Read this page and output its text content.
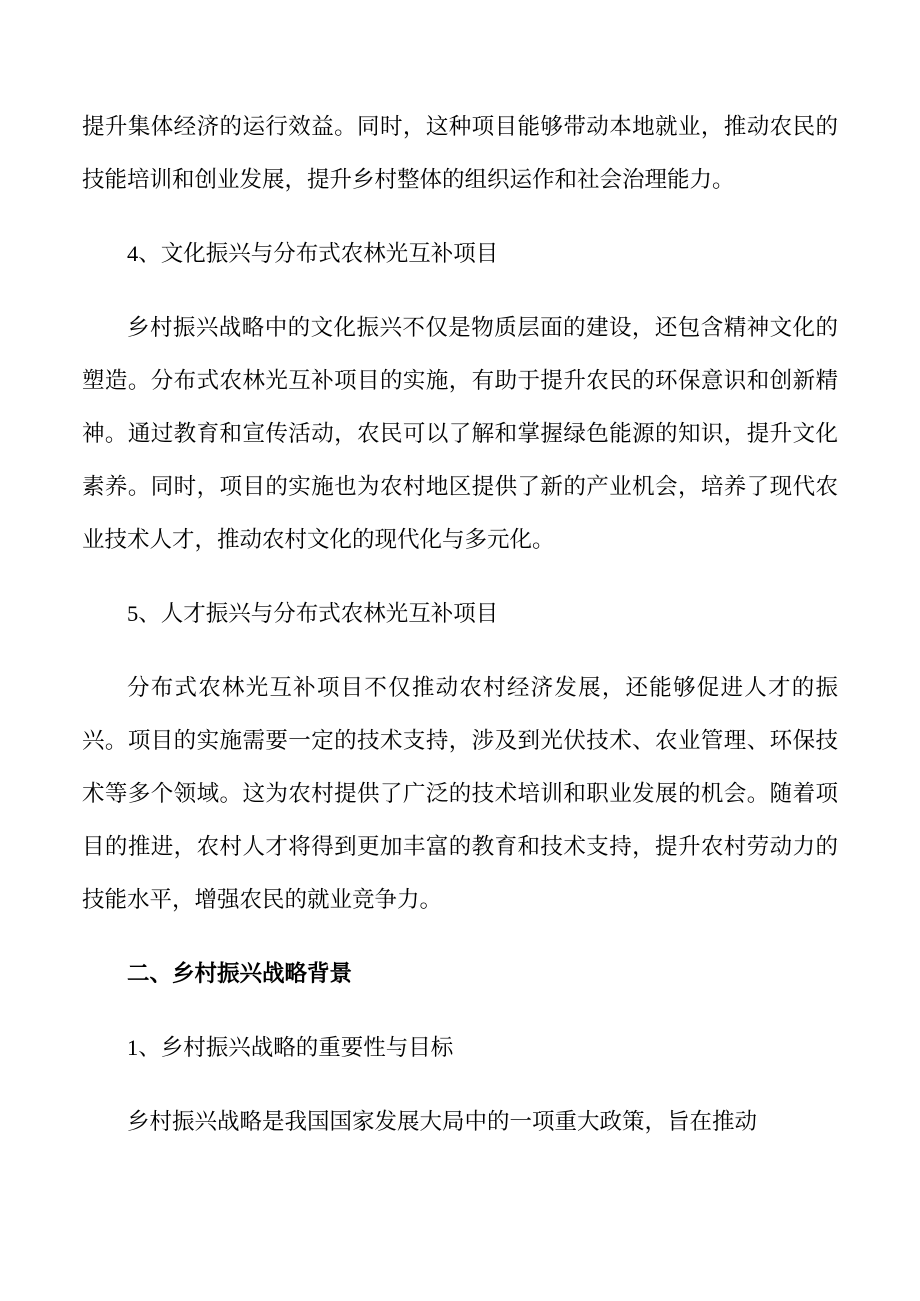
提升集体经济的运行效益。同时，这种项目能够带动本地就业，推动农民的技能培训和创业发展，提升乡村整体的组织运作和社会治理能力。

4、文化振兴与分布式农林光互补项目

乡村振兴战略中的文化振兴不仅是物质层面的建设，还包含精神文化的塑造。分布式农林光互补项目的实施，有助于提升农民的环保意识和创新精神。通过教育和宣传活动，农民可以了解和掌握绿色能源的知识，提升文化素养。同时，项目的实施也为农村地区提供了新的产业机会，培养了现代农业技术人才，推动农村文化的现代化与多元化。

5、人才振兴与分布式农林光互补项目

分布式农林光互补项目不仅推动农村经济发展，还能够促进人才的振兴。项目的实施需要一定的技术支持，涉及到光伏技术、农业管理、环保技术等多个领域。这为农村提供了广泛的技术培训和职业发展的机会。随着项目的推进，农村人才将得到更加丰富的教育和技术支持，提升农村劳动力的技能水平，增强农民的就业竞争力。

二、乡村振兴战略背景
1、乡村振兴战略的重要性与目标

乡村振兴战略是我国国家发展大局中的一项重大政策，旨在推动
